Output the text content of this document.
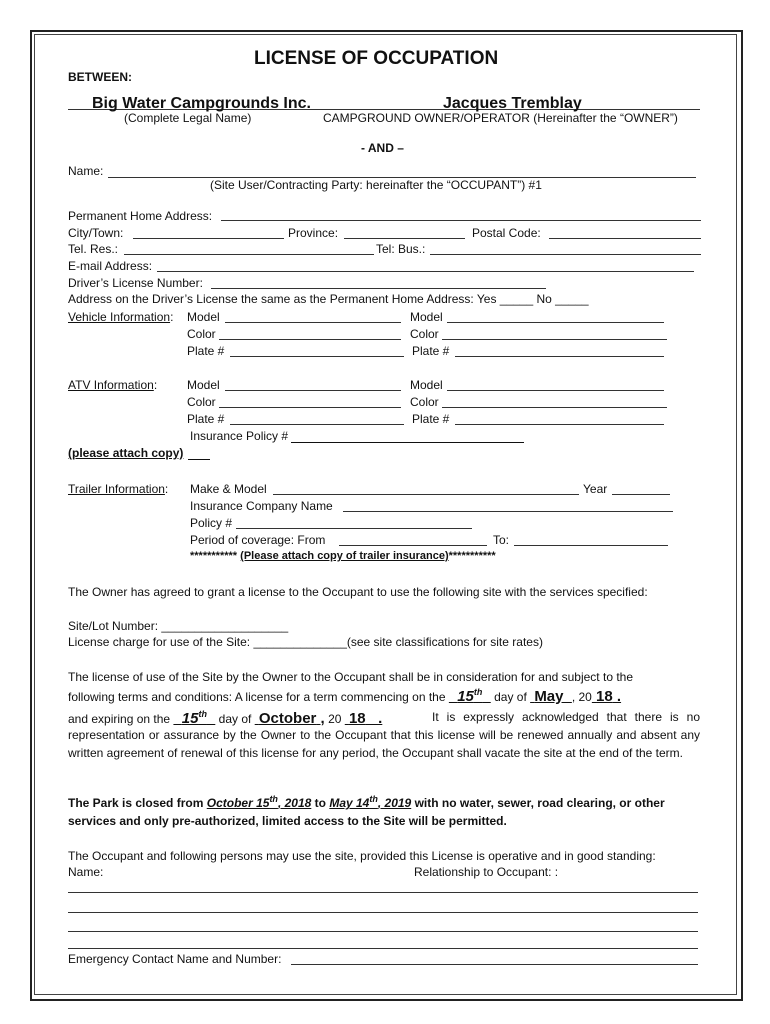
LICENSE OF OCCUPATION
BETWEEN:
Big Water Campgrounds Inc.	Jacques Tremblay
(Complete Legal Name)	CAMPGROUND OWNER/OPERATOR (Hereinafter the “OWNER”)
- AND –
Name:
(Site User/Contracting Party: hereinafter the “OCCUPANT”) #1
Permanent Home Address:
City/Town:	Province:	Postal Code:
Tel. Res.:	Tel: Bus.:
E-mail Address:
Driver’s License Number:
Address on the Driver’s License the same as the Permanent Home Address: Yes _____ No _____
Vehicle Information: Model	Model
Color	Color
Plate #	Plate #
ATV Information: Model	Model
Color	Color
Plate #	Plate #
Insurance Policy #
(please attach copy)
Trailer Information: Make & Model	Year
Insurance Company Name
Policy #
Period of coverage: From	To:
*********** (Please attach copy of trailer insurance)***********
The Owner has agreed to grant a license to the Occupant to use the following site with the services specified:
Site/Lot Number: ___________________
License charge for use of the Site: ______________(see site classifications for site rates)
The license of use of the Site by the Owner to the Occupant shall be in consideration for and subject to the
following terms and conditions: A license for a term commencing on the 15th day of May , 20 18 .
and expiring on the 15th day of October , 20 18   .	It is expressly acknowledged that there is no representation or assurance by the Owner to the Occupant that this license will be renewed annually and absent any written agreement of renewal of this license for any period, the Occupant shall vacate the site at the end of the term.
The Park is closed from October 15th, 2018 to May 14th, 2019 with no water, sewer, road clearing, or other
services and only pre-authorized, limited access to the Site will be permitted.
The Occupant and following persons may use the site, provided this License is operative and in good standing:
Name:	Relationship to Occupant: :
Emergency Contact Name and Number:
